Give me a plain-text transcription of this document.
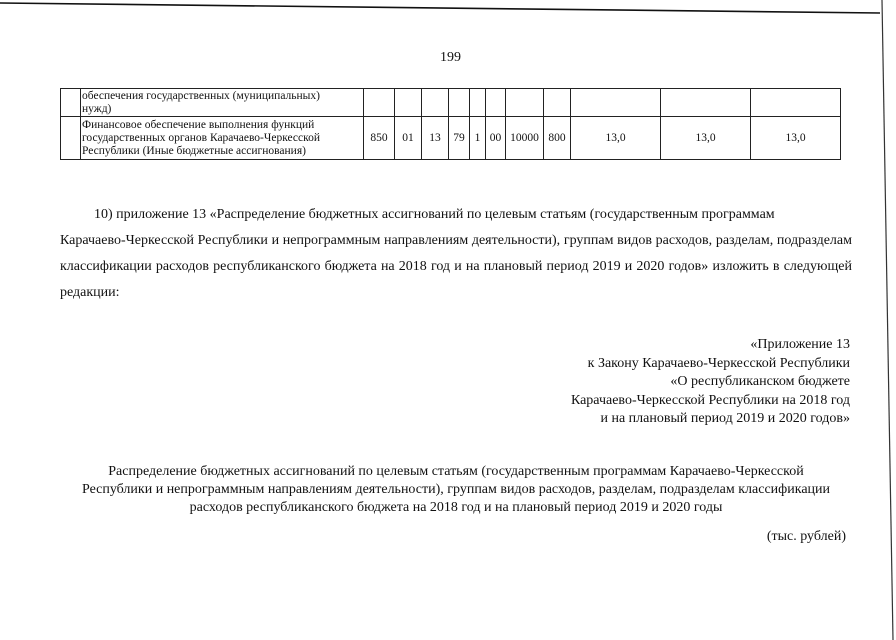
199

	обеспечения государственных (муниципальных)
нужд)											

	Финансовое обеспечение выполнения функций
государственных органов Карачаево-Черкесской
Республики (Иные бюджетные ассигнования)	850	01	13	79	1	00	10000	800	13,0	13,0	13,0
10) приложение 13 «Распределение бюджетных ассигнований по целевым статьям (государственным программам
Карачаево-Черкесской Республики и непрограммным направлениям деятельности), группам видов расходов, разделам, подразделам классификации расходов республиканского бюджета на 2018 год и на плановый период 2019 и 2020 годов» изложить в следующей редакции:
«Приложение 13
к Закону Карачаево-Черкесской Республики
«О республиканском бюджете
Карачаево-Черкесской Республики на 2018 год
и на плановый период 2019 и 2020 годов»
Распределение бюджетных ассигнований по целевым статьям (государственным программам Карачаево-Черкесской
Республики и непрограммным направлениям деятельности), группам видов расходов, разделам, подразделам классификации
расходов республиканского бюджета на 2018 год и на плановый период 2019 и 2020 годы
(тыс. рублей)
